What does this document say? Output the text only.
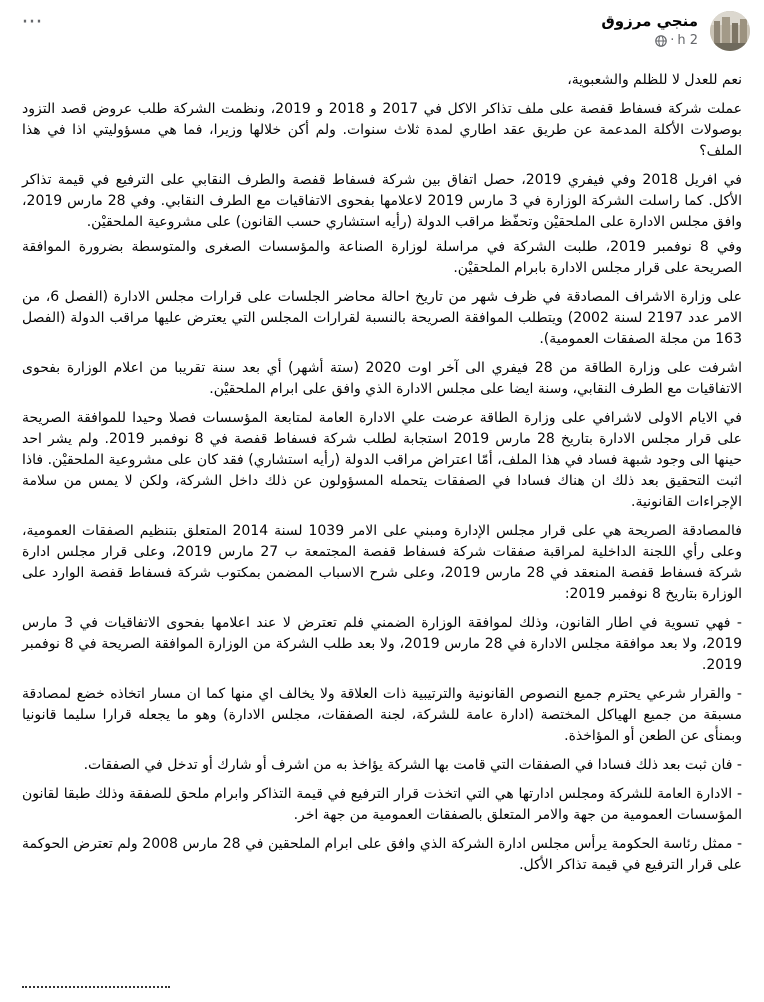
منجي مرزوق
2 h
·
···

نعم للعدل لا للظلم والشعبوية،

عملت شركة فسفاط قفصة على ملف تذاكر الاكل في 2017 و 2018 و 2019، ونظمت الشركة طلب عروض قصد التزود بوصولات الأكلة المدعمة عن طريق عقد اطاري لمدة ثلاث سنوات. ولم أكن خلالها وزيرا، فما هي مسؤوليتي اذا في هذا الملف؟

في افريل 2018 وفي فيفري 2019، حصل اتفاق بين شركة فسفاط قفصة والطرف النقابي على الترفيع في قيمة تذاكر الأكل. كما راسلت الشركة الوزارة في 3 مارس 2019 لاعلامها بفحوى الاتفاقيات مع الطرف النقابي. وفي 28 مارس 2019، وافق مجلس الادارة على الملحقيْن وتحفّظ مراقب الدولة (رأيه استشاري حسب القانون) على مشروعية الملحقيْن.

وفي 8 نوفمبر 2019، طلبت الشركة في مراسلة لوزارة الصناعة والمؤسسات الصغرى والمتوسطة بضرورة الموافقة الصريحة على قرار مجلس الادارة بابرام الملحقيْن.

على وزارة الاشراف المصادقة في ظرف شهر من تاريخ احالة محاضر الجلسات على قرارات مجلس الادارة (الفصل 6، من الامر عدد 2197 لسنة 2002) ويتطلب الموافقة الصريحة بالنسبة لقرارات المجلس التي يعترض عليها مراقب الدولة (الفصل 163 من مجلة الصفقات العمومية).

اشرفت على وزارة الطاقة من 28 فيفري الى آخر اوت 2020 (ستة أشهر) أي بعد سنة تقريبا من اعلام الوزارة بفحوى الاتفاقيات مع الطرف النقابي، وسنة ايضا على مجلس الادارة الذي وافق على ابرام الملحقيْن.

في الايام الاولى لاشرافي على وزارة الطاقة عرضت علي الادارة العامة لمتابعة المؤسسات فصلا وحيدا للموافقة الصريحة على قرار مجلس الادارة بتاريخ 28 مارس 2019 استجابة لطلب شركة فسفاط قفصة في 8 نوفمبر 2019. ولم يشر احد حينها الى وجود شبهة فساد في هذا الملف، أمّا اعتراض مراقب الدولة (رأيه استشاري) فقد كان على مشروعية الملحقيْن. فاذا اثبت التحقيق بعد ذلك ان هناك فسادا في الصفقات يتحمله المسؤولون عن ذلك داخل الشركة، ولكن لا يمس من سلامة الإجراءات القانونية.

فالمصادقة الصريحة هي على قرار مجلس الإدارة ومبني على الامر 1039 لسنة 2014 المتعلق بتنظيم الصفقات العمومية، وعلى رأي اللجنة الداخلية لمراقبة صفقات شركة فسفاط قفصة المجتمعة ب 27 مارس 2019، وعلى قرار مجلس ادارة شركة فسفاط قفصة المنعقد في 28 مارس 2019، وعلى شرح الاسباب المضمن بمكتوب شركة فسفاط قفصة الوارد على الوزارة بتاريخ 8 نوفمبر 2019:

- فهي تسوية في اطار القانون، وذلك لموافقة الوزارة الضمني فلم تعترض لا عند اعلامها بفحوى الاتفاقيات في 3 مارس 2019، ولا بعد موافقة مجلس الادارة في 28 مارس 2019، ولا بعد طلب الشركة من الوزارة الموافقة الصريحة في 8 نوفمبر 2019.

- والقرار شرعي يحترم جميع النصوص القانونية والترتيبية ذات العلاقة ولا يخالف اي منها كما ان مسار اتخاذه خضع لمصادقة مسبقة من جميع الهياكل المختصة (ادارة عامة للشركة، لجنة الصفقات، مجلس الادارة) وهو ما يجعله قرارا سليما قانونيا وبمنأى عن الطعن أو المؤاخذة.

- فان ثبت بعد ذلك فسادا في الصفقات التي قامت بها الشركة يؤاخذ به من اشرف أو شارك أو تدخل في الصفقات.

- الادارة العامة للشركة ومجلس ادارتها هي التي اتخذت قرار الترفيع في قيمة التذاكر وابرام ملحق للصفقة وذلك طبقا لقانون المؤسسات العمومية من جهة والامر المتعلق بالصفقات العمومية من جهة اخر.

- ممثل رئاسة الحكومة يرأس مجلس ادارة الشركة الذي وافق على ابرام الملحقين في 28 مارس 2008 ولم تعترض الحوكمة على قرار الترفيع في قيمة تذاكر الأكل.
